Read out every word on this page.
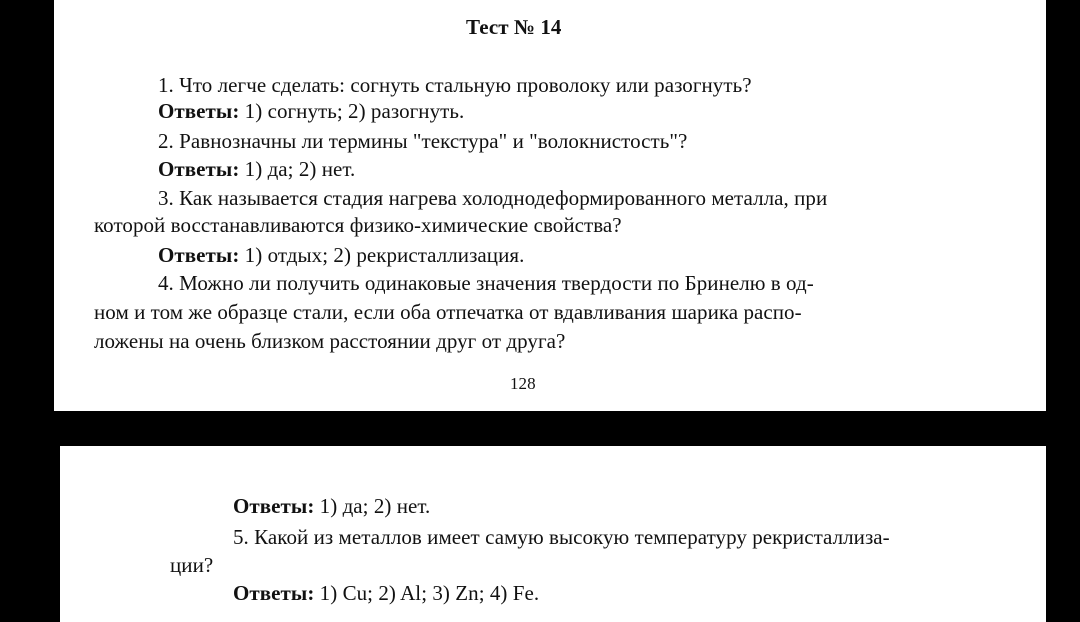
Тест № 14
1. Что легче сделать: согнуть стальную проволоку или разогнуть?
Ответы: 1) согнуть; 2) разогнуть.
2. Равнозначны ли термины "текстура" и "волокнистость"?
Ответы: 1) да; 2) нет.
3. Как называется стадия нагрева холоднодеформированного металла, при
которой восстанавливаются физико-химические свойства?
Ответы: 1) отдых; 2) рекристаллизация.
4. Можно ли получить одинаковые значения твердости по Бринелю в од-
ном и том же образце стали, если оба отпечатка от вдавливания шарика распо-
ложены на очень близком расстоянии друг от друга?
128
Ответы: 1) да; 2) нет.
5. Какой из металлов имеет самую высокую температуру рекристаллиза-
ции?
Ответы: 1) Cu; 2) Al; 3) Zn; 4) Fe.
